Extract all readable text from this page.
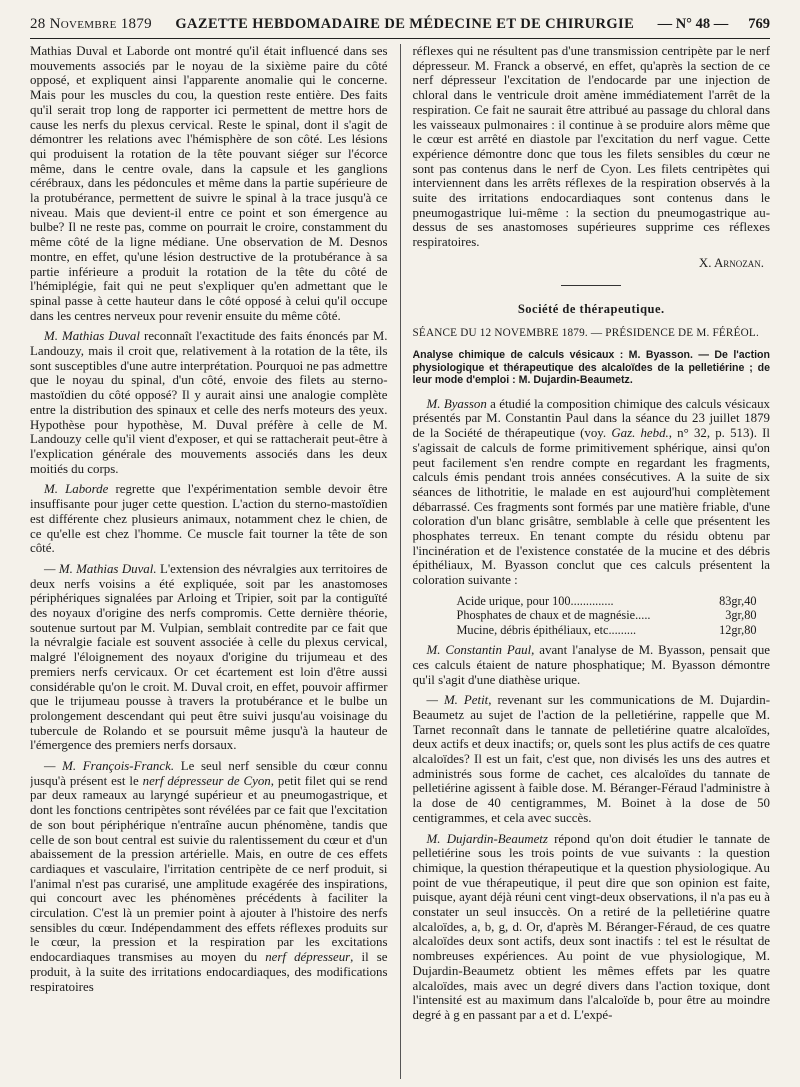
28 Novembre 1879 GAZETTE HEBDOMADAIRE DE MÉDECINE ET DE CHIRURGIE — N° 48 — 769

Mathias Duval et Laborde ont montré qu'il était influencé dans ses mouvements associés par le noyau de la sixième paire du côté opposé, et expliquent ainsi l'apparente anomalie qui le concerne. Mais pour les muscles du cou, la question reste entière. Des faits qu'il serait trop long de rapporter ici permettent de mettre hors de cause les nerfs du plexus cervical. Reste le spinal, dont il s'agit de démontrer les relations avec l'hémisphère de son côté. Les lésions qui produisent la rotation de la tête pouvant siéger sur l'écorce même, dans le centre ovale, dans la capsule et les ganglions cérébraux, dans les pédoncules et même dans la partie supérieure de la protubérance, permettent de suivre le spinal à la trace jusqu'à ce niveau. Mais que devient-il entre ce point et son émergence au bulbe? Il ne reste pas, comme on pourrait le croire, constamment du même côté de la ligne médiane. Une observation de M. Desnos montre, en effet, qu'une lésion destructive de la protubérance à sa partie inférieure a produit la rotation de la tête du côté de l'hémiplégie, fait qui ne peut s'expliquer qu'en admettant que le spinal passe à cette hauteur dans le côté opposé à celui qu'il occupe dans les centres nerveux pour revenir ensuite du même côté.

M. Mathias Duval reconnaît l'exactitude des faits énoncés par M. Landouzy, mais il croit que, relativement à la rotation de la tête, ils sont susceptibles d'une autre interprétation. Pourquoi ne pas admettre que le noyau du spinal, d'un côté, envoie des filets au sterno-mastoïdien du côté opposé? Il y aurait ainsi une analogie complète entre la distribution des spinaux et celle des nerfs moteurs des yeux. Hypothèse pour hypothèse, M. Duval préfère à celle de M. Landouzy celle qu'il vient d'exposer, et qui se rattacherait peut-être à l'explication générale des mouvements associés dans les deux moitiés du corps.

M. Laborde regrette que l'expérimentation semble devoir être insuffisante pour juger cette question. L'action du sterno-mastoïdien est différente chez plusieurs animaux, notamment chez le chien, de ce qu'elle est chez l'homme. Ce muscle fait tourner la tête de son côté.

— M. Mathias Duval. L'extension des névralgies aux territoires de deux nerfs voisins a été expliquée, soit par les anastomoses périphériques signalées par Arloing et Tripier, soit par la contiguïté des noyaux d'origine des nerfs compromis. Cette dernière théorie, soutenue surtout par M. Vulpian, semblait contredite par ce fait que la névralgie faciale est souvent associée à celle du plexus cervical, malgré l'éloignement des noyaux d'origine du trijumeau et des premiers nerfs cervicaux. Or cet écartement est loin d'être aussi considérable qu'on le croit. M. Duval croit, en effet, pouvoir affirmer que le trijumeau pousse à travers la protubérance et le bulbe un prolongement descendant qui peut être suivi jusqu'au voisinage du tubercule de Rolando et se poursuit même jusqu'à la hauteur de l'émergence des premiers nerfs dorsaux.

— M. François-Franck. Le seul nerf sensible du cœur connu jusqu'à présent est le nerf dépresseur de Cyon, petit filet qui se rend par deux rameaux au laryngé supérieur et au pneumogastrique, et dont les fonctions centripètes sont révélées par ce fait que l'excitation de son bout périphérique n'entraîne aucun phénomène, tandis que celle de son bout central est suivie du ralentissement du cœur et d'un abaissement de la pression artérielle. Mais, en outre de ces effets cardiaques et vasculaire, l'irritation centripète de ce nerf produit, si l'animal n'est pas curarisé, une amplitude exagérée des inspirations, qui concourt avec les phénomènes précédents à faciliter la circulation. C'est là un premier point à ajouter à l'histoire des nerfs sensibles du cœur. Indépendamment des effets réflexes produits sur le cœur, la pression et la respiration par les excitations endocardiaques transmises au moyen du nerf dépresseur, il se produit, à la suite des irritations endocardiaques, des modifications respiratoires

réflexes qui ne résultent pas d'une transmission centripète par le nerf dépresseur. M. Franck a observé, en effet, qu'après la section de ce nerf dépresseur l'excitation de l'endocarde par une injection de chloral dans le ventricule droit amène immédiatement l'arrêt de la respiration. Ce fait ne saurait être attribué au passage du chloral dans les vaisseaux pulmonaires : il continue à se produire alors même que le cœur est arrêté en diastole par l'excitation du nerf vague. Cette expérience démontre donc que tous les filets sensibles du cœur ne sont pas contenus dans le nerf de Cyon. Les filets centripètes qui interviennent dans les arrêts réflexes de la respiration observés à la suite des irritations endocardiaques sont contenus dans le pneumogastrique lui-même : la section du pneumogastrique au-dessus de ses anastomoses supérieures supprime ces réflexes respiratoires.

X. Arnozan.

Société de thérapeutique.

SÉANCE DU 12 NOVEMBRE 1879. — PRÉSIDENCE DE M. FÉRÉOL.

Analyse chimique de calculs vésicaux : M. Byasson. — De l'action physiologique et thérapeutique des alcaloïdes de la pelletiérine ; de leur mode d'emploi : M. Dujardin-Beaumetz.

M. Byasson a étudié la composition chimique des calculs vésicaux présentés par M. Constantin Paul dans la séance du 23 juillet 1879 de la Société de thérapeutique (voy. Gaz. hebd., n° 32, p. 513). Il s'agissait de calculs de forme primitivement sphérique, ainsi qu'on peut facilement s'en rendre compte en regardant les fragments, calculs émis pendant trois années consécutives. A la suite de six séances de lithotritie, le malade en est aujourd'hui complètement débarrassé. Ces fragments sont formés par une matière friable, d'une coloration d'un blanc grisâtre, semblable à celle que présentent les phosphates terreux. En tenant compte du résidu obtenu par l'incinération et de l'existence constatée de la mucine et des débris épithéliaux, M. Byasson conclut que ces calculs présentent la coloration suivante :

Acide urique, pour 100..............	83gr,40
Phosphates de chaux et de magnésie.....	3gr,80
Mucine, débris épithéliaux, etc.........	12gr,80

M. Constantin Paul, avant l'analyse de M. Byasson, pensait que ces calculs étaient de nature phosphatique; M. Byasson démontre qu'il s'agit d'une diathèse urique.

— M. Petit, revenant sur les communications de M. Dujardin-Beaumetz au sujet de l'action de la pelletiérine, rappelle que M. Tarnet reconnaît dans le tannate de pelletiérine quatre alcaloïdes, deux actifs et deux inactifs; or, quels sont les plus actifs de ces quatre alcaloïdes? Il est un fait, c'est que, non divisés les uns des autres et administrés sous forme de cachet, ces alcaloïdes du tannate de pelletiérine agissent à faible dose. M. Béranger-Féraud l'administre à la dose de 40 centigrammes, M. Boinet à la dose de 50 centigrammes, et cela avec succès.

M. Dujardin-Beaumetz répond qu'on doit étudier le tannate de pelletiérine sous les trois points de vue suivants : la question chimique, la question thérapeutique et la question physiologique. Au point de vue thérapeutique, il peut dire que son opinion est faite, puisque, ayant déjà réuni cent vingt-deux observations, il n'a pas eu à constater un seul insuccès. On a retiré de la pelletiérine quatre alcaloïdes, a, b, g, d. Or, d'après M. Béranger-Féraud, de ces quatre alcaloïdes deux sont actifs, deux sont inactifs : tel est le résultat de nombreuses expériences. Au point de vue physiologique, M. Dujardin-Beaumetz obtient les mêmes effets par les quatre alcaloïdes, mais avec un degré divers dans l'action toxique, dont l'intensité est au maximum dans l'alcaloïde b, pour être au moindre degré à g en passant par a et d. L'expé-
